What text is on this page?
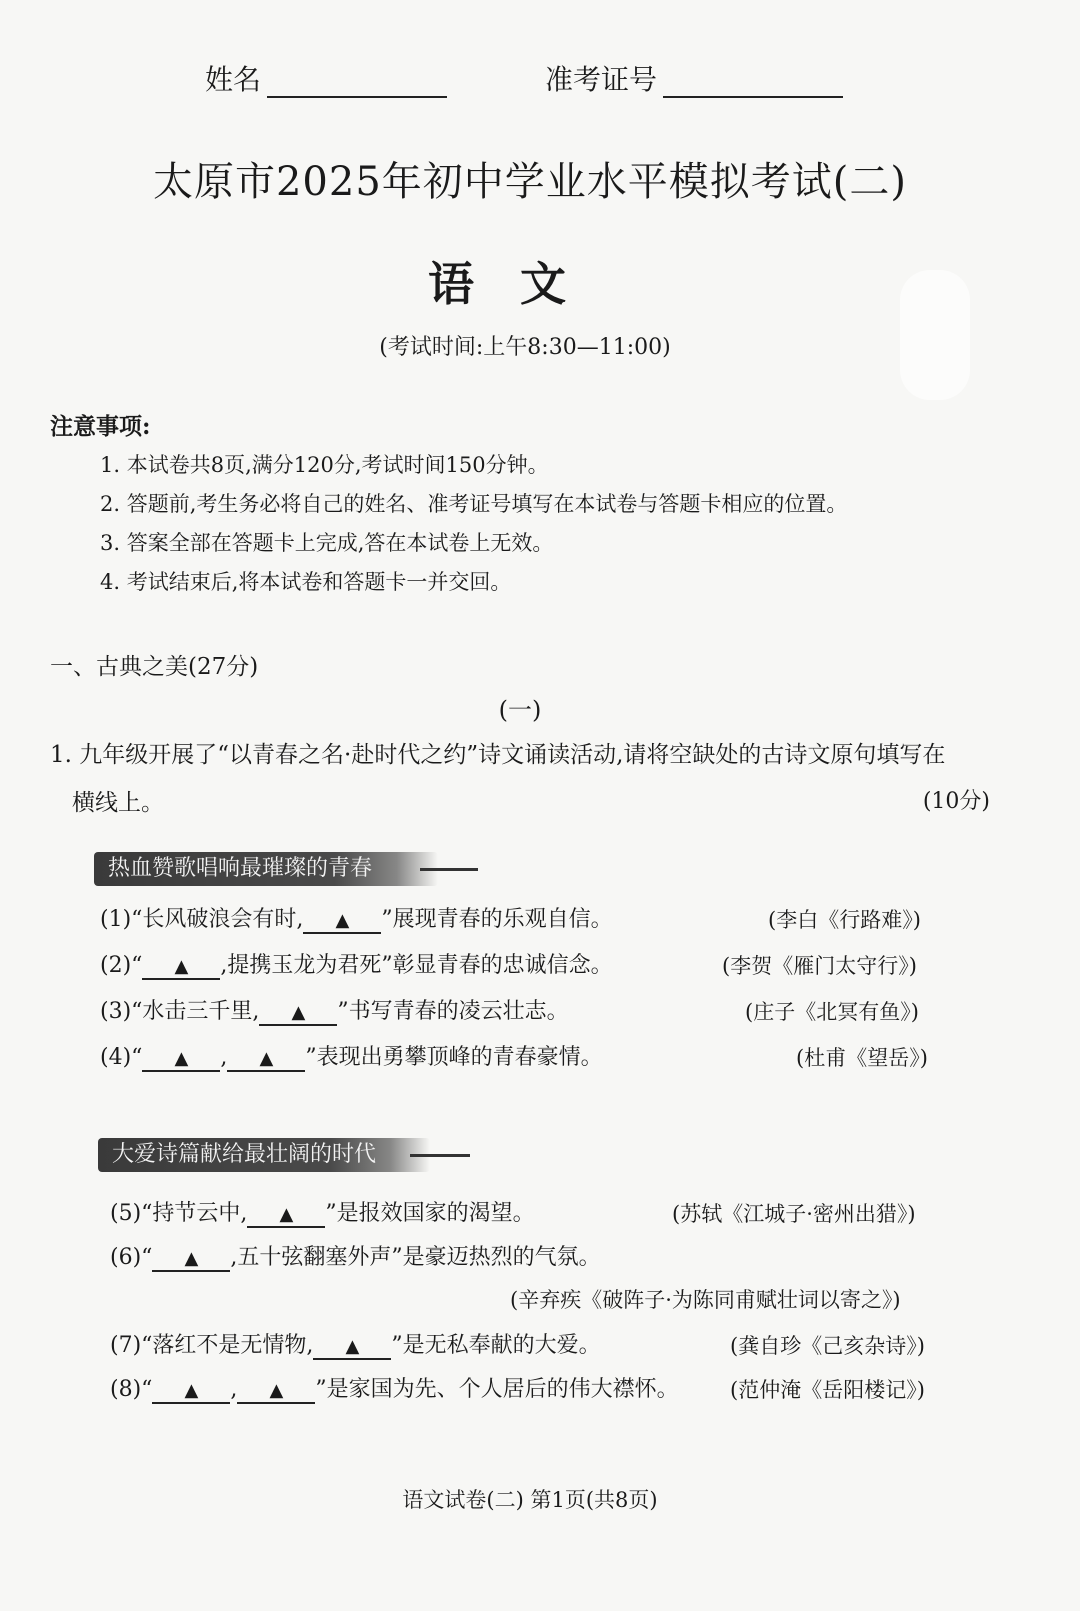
姓名	准考证号
太原市2025年初中学业水平模拟考试(二)
语文
(考试时间:上午8:30—11:00)
注意事项:
1. 本试卷共8页,满分120分,考试时间150分钟。
2. 答题前,考生务必将自己的姓名、准考证号填写在本试卷与答题卡相应的位置。
3. 答案全部在答题卡上完成,答在本试卷上无效。
4. 考试结束后,将本试卷和答题卡一并交回。
一、古典之美(27分)
(一)
1. 九年级开展了“以青春之名·赴时代之约”诗文诵读活动,请将空缺处的古诗文原句填写在
横线上。	(10分)
热血赞歌唱响最璀璨的青春
(1)“长风破浪会有时, ▲ ”展现青春的乐观自信。	(李白《行路难》)
(2)“ ▲ ,提携玉龙为君死”彰显青春的忠诚信念。	(李贺《雁门太守行》)
(3)“水击三千里, ▲ ”书写青春的凌云壮志。	(庄子《北冥有鱼》)
(4)“ ▲ , ▲ ”表现出勇攀顶峰的青春豪情。	(杜甫《望岳》)
大爱诗篇献给最壮阔的时代
(5)“持节云中, ▲ ”是报效国家的渴望。	(苏轼《江城子·密州出猎》)
(6)“ ▲ ,五十弦翻塞外声”是豪迈热烈的气氛。
(辛弃疾《破阵子·为陈同甫赋壮词以寄之》)
(7)“落红不是无情物, ▲ ”是无私奉献的大爱。	(龚自珍《己亥杂诗》)
(8)“ ▲ , ▲ ”是家国为先、个人居后的伟大襟怀。 (范仲淹《岳阳楼记》)
语文试卷(二) 第1页(共8页)
